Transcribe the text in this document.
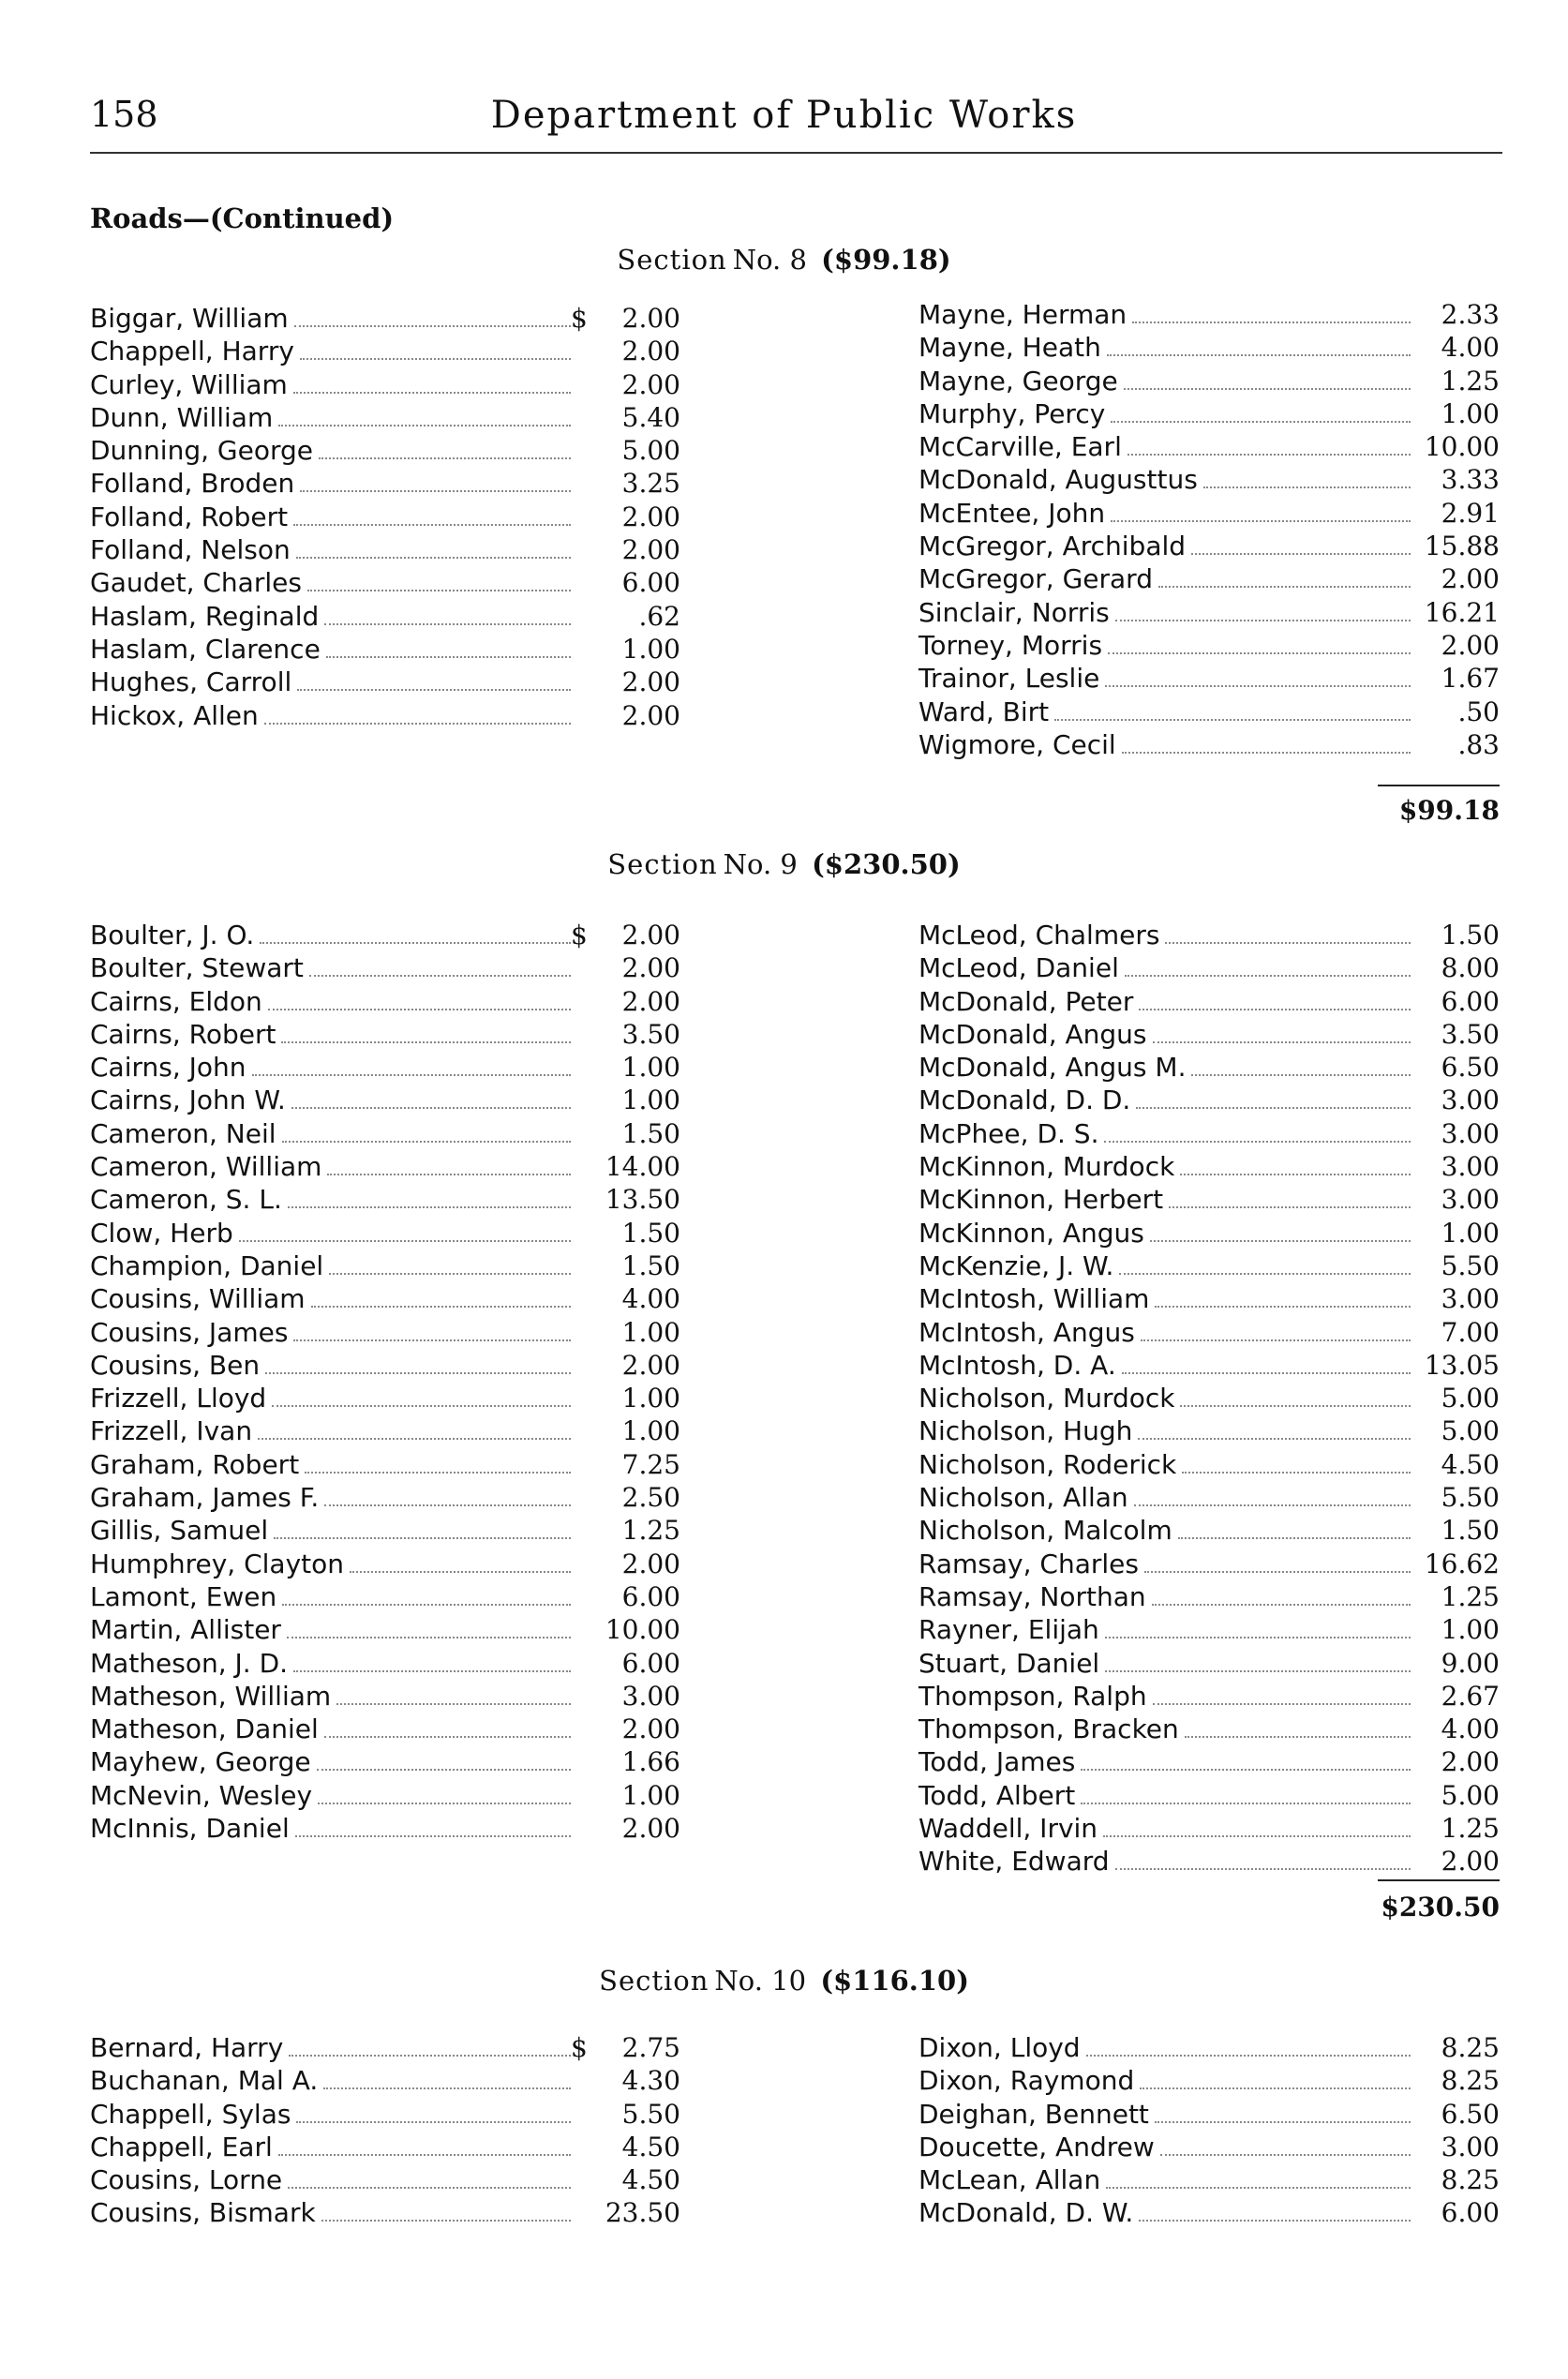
158	Department of Public Works
Roads—(Continued)
Section No. 8 ($99.18)
Biggar, William	$	2.00
Chappell, Harry	2.00
Curley, William	2.00
Dunn, William	5.40
Dunning, George	5.00
Folland, Broden	3.25
Folland, Robert	2.00
Folland, Nelson	2.00
Gaudet, Charles	6.00
Haslam, Reginald	.62
Haslam, Clarence	1.00
Hughes, Carroll	2.00
Hickox, Allen	2.00
Mayne, Herman	2.33
Mayne, Heath	4.00
Mayne, George	1.25
Murphy, Percy	1.00
McCarville, Earl	10.00
McDonald, Augusttus	3.33
McEntee, John	2.91
McGregor, Archibald	15.88
McGregor, Gerard	2.00
Sinclair, Norris	16.21
Torney, Morris	2.00
Trainor, Leslie	1.67
Ward, Birt	.50
Wigmore, Cecil	.83
$99.18
Section No. 9 ($230.50)
Boulter, J. O.	$	2.00
Boulter, Stewart	2.00
Cairns, Eldon	2.00
Cairns, Robert	3.50
Cairns, John	1.00
Cairns, John W.	1.00
Cameron, Neil	1.50
Cameron, William	14.00
Cameron, S. L.	13.50
Clow, Herb	1.50
Champion, Daniel	1.50
Cousins, William	4.00
Cousins, James	1.00
Cousins, Ben	2.00
Frizzell, Lloyd	1.00
Frizzell, Ivan	1.00
Graham, Robert	7.25
Graham, James F.	2.50
Gillis, Samuel	1.25
Humphrey, Clayton	2.00
Lamont, Ewen	6.00
Martin, Allister	10.00
Matheson, J. D.	6.00
Matheson, William	3.00
Matheson, Daniel	2.00
Mayhew, George	1.66
McNevin, Wesley	1.00
McInnis, Daniel	2.00
McLeod, Chalmers	1.50
McLeod, Daniel	8.00
McDonald, Peter	6.00
McDonald, Angus	3.50
McDonald, Angus M.	6.50
McDonald, D. D.	3.00
McPhee, D. S.	3.00
McKinnon, Murdock	3.00
McKinnon, Herbert	3.00
McKinnon, Angus	1.00
McKenzie, J. W.	5.50
McIntosh, William	3.00
McIntosh, Angus	7.00
McIntosh, D. A.	13.05
Nicholson, Murdock	5.00
Nicholson, Hugh	5.00
Nicholson, Roderick	4.50
Nicholson, Allan	5.50
Nicholson, Malcolm	1.50
Ramsay, Charles	16.62
Ramsay, Northan	1.25
Rayner, Elijah	1.00
Stuart, Daniel	9.00
Thompson, Ralph	2.67
Thompson, Bracken	4.00
Todd, James	2.00
Todd, Albert	5.00
Waddell, Irvin	1.25
White, Edward	2.00
$230.50
Section No. 10 ($116.10)
Bernard, Harry	$	2.75
Buchanan, Mal A.	4.30
Chappell, Sylas	5.50
Chappell, Earl	4.50
Cousins, Lorne	4.50
Cousins, Bismark	23.50
Dixon, Lloyd	8.25
Dixon, Raymond	8.25
Deighan, Bennett	6.50
Doucette, Andrew	3.00
McLean, Allan	8.25
McDonald, D. W.	6.00
